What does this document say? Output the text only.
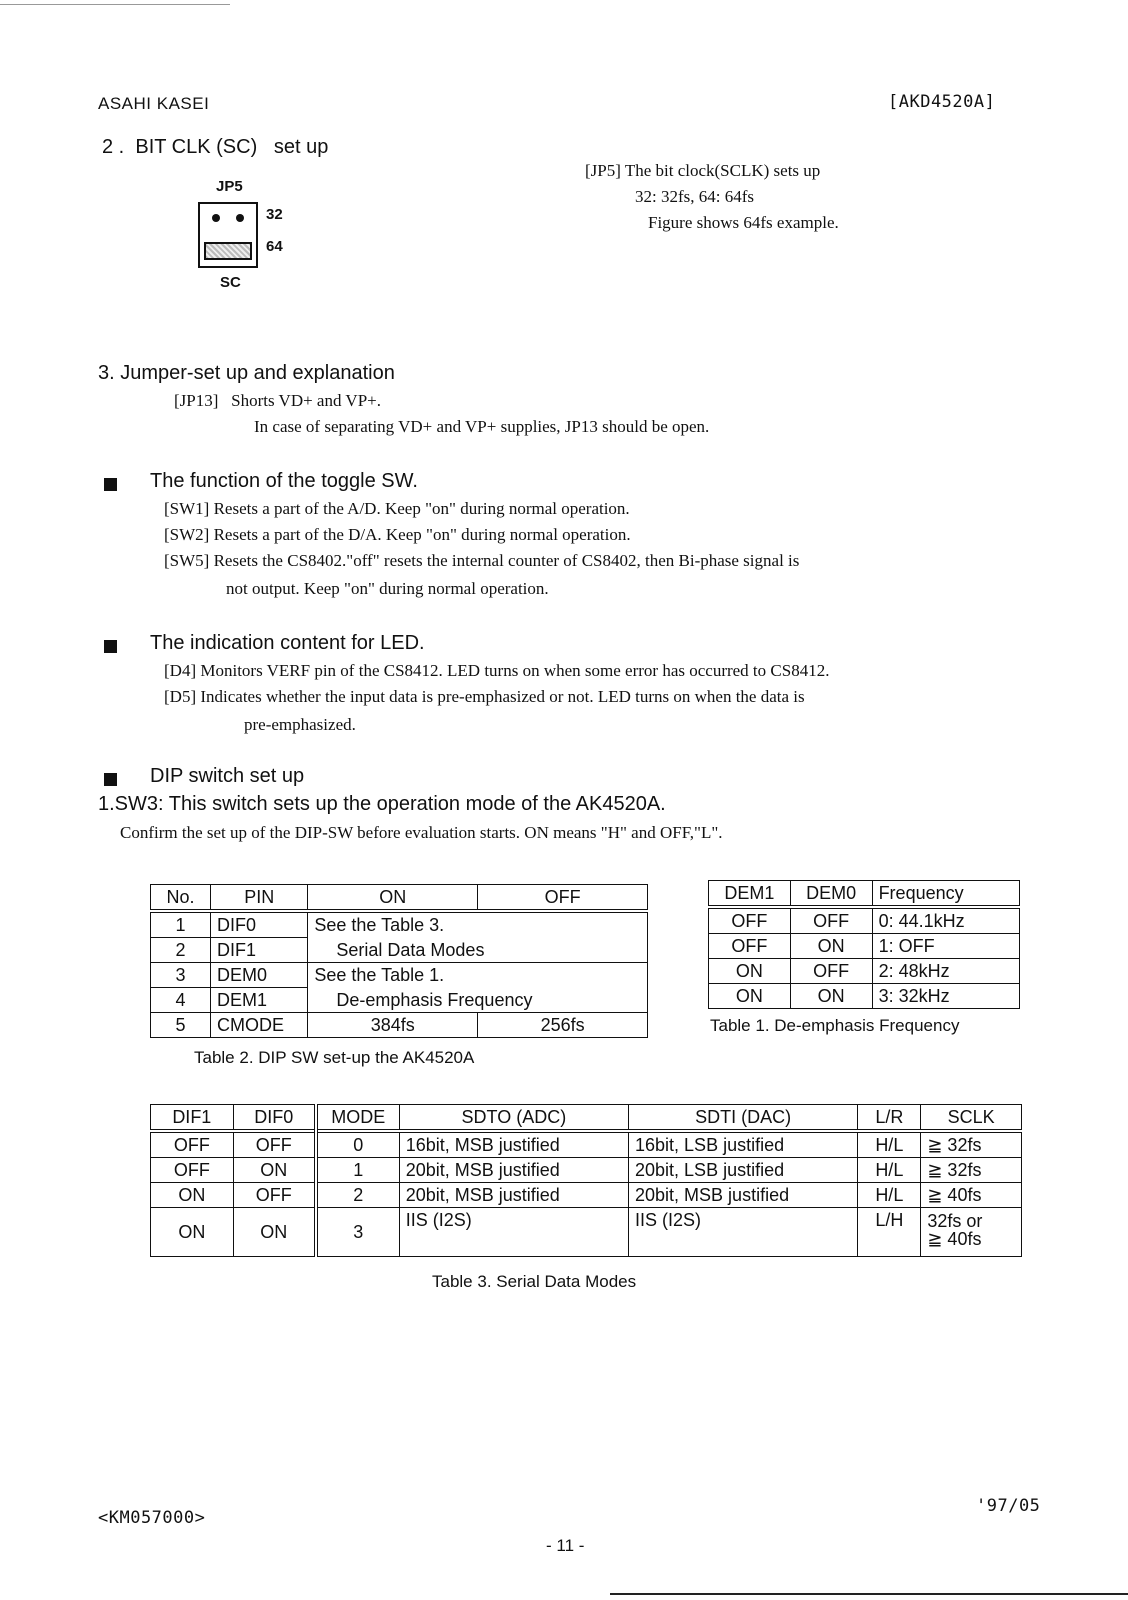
ASAHI KASEI	[AKD4520A]
2 .  BIT CLK (SC)   set up
JP5
32
64
SC
[JP5] The bit clock(SCLK) sets up
32: 32fs, 64: 64fs
Figure shows 64fs example.
3. Jumper-set up and explanation
[JP13]   Shorts VD+ and VP+.
In case of separating VD+ and VP+ supplies, JP13 should be open.
The function of the toggle SW.
[SW1] Resets a part of the A/D. Keep "on" during normal operation.
[SW2] Resets a part of the D/A. Keep "on" during normal operation.
[SW5] Resets the CS8402."off" resets the internal counter of CS8402, then Bi-phase signal is
not output. Keep "on" during normal operation.
The indication content for LED.
[D4] Monitors VERF pin of the CS8412. LED turns on when some error has occurred to CS8412.
[D5] Indicates whether the input data is pre-emphasized or not. LED turns on when the data is
pre-emphasized.
DIP switch set up
1.SW3: This switch sets up the operation mode of the AK4520A.
Confirm the set up of the DIP-SW before evaluation starts. ON means "H" and OFF,"L".
No.	PIN	ON	OFF
1	DIF0	See the Table 3.	
2	DIF1	Serial Data Modes	
3	DEM0	See the Table 1.	
4	DEM1	De-emphasis Frequency	
5	CMODE	384fs	256fs
Table 2. DIP SW set-up the AK4520A
DEM1	DEM0	Frequency
OFF	OFF	0: 44.1kHz
OFF	ON	1: OFF
ON	OFF	2: 48kHz
ON	ON	3: 32kHz
Table 1. De-emphasis Frequency
DIF1	DIF0	MODE	SDTO (ADC)	SDTI (DAC)	L/R	SCLK
OFF	OFF	0	16bit, MSB justified	16bit, LSB justified	H/L	≧ 32fs
OFF	ON	1	20bit, MSB justified	20bit, LSB justified	H/L	≧ 32fs
ON	OFF	2	20bit, MSB justified	20bit, MSB justified	H/L	≧ 40fs
ON	ON	3	IIS (I2S)	IIS (I2S)	L/H	32fs or
≧ 40fs
Table 3. Serial Data Modes
<KM057000>
'97/05
- 11 -
